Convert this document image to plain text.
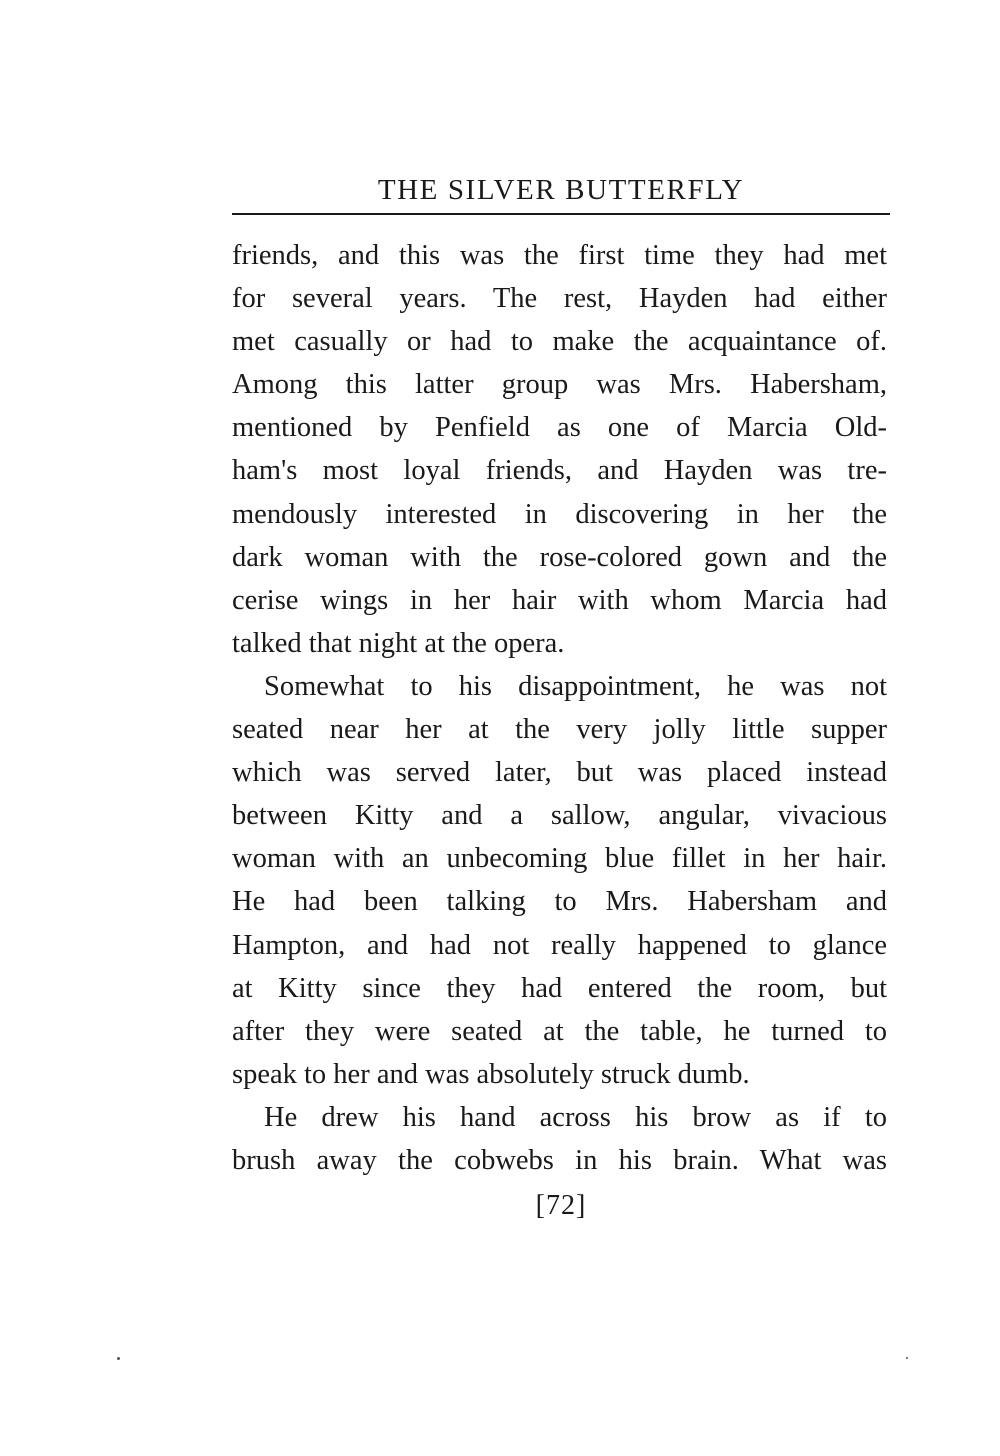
THE SILVER BUTTERFLY
friends, and this was the first time they had met
for several years. The rest, Hayden had either
met casually or had to make the acquaintance of.
Among this latter group was Mrs. Habersham,
mentioned by Penfield as one of Marcia Old-
ham's most loyal friends, and Hayden was tre-
mendously interested in discovering in her the
dark woman with the rose-colored gown and the
cerise wings in her hair with whom Marcia had
talked that night at the opera.
Somewhat to his disappointment, he was not
seated near her at the very jolly little supper
which was served later, but was placed instead
between Kitty and a sallow, angular, vivacious
woman with an unbecoming blue fillet in her hair.
He had been talking to Mrs. Habersham and
Hampton, and had not really happened to glance
at Kitty since they had entered the room, but
after they were seated at the table, he turned to
speak to her and was absolutely struck dumb.
He drew his hand across his brow as if to
brush away the cobwebs in his brain. What was
[72]
